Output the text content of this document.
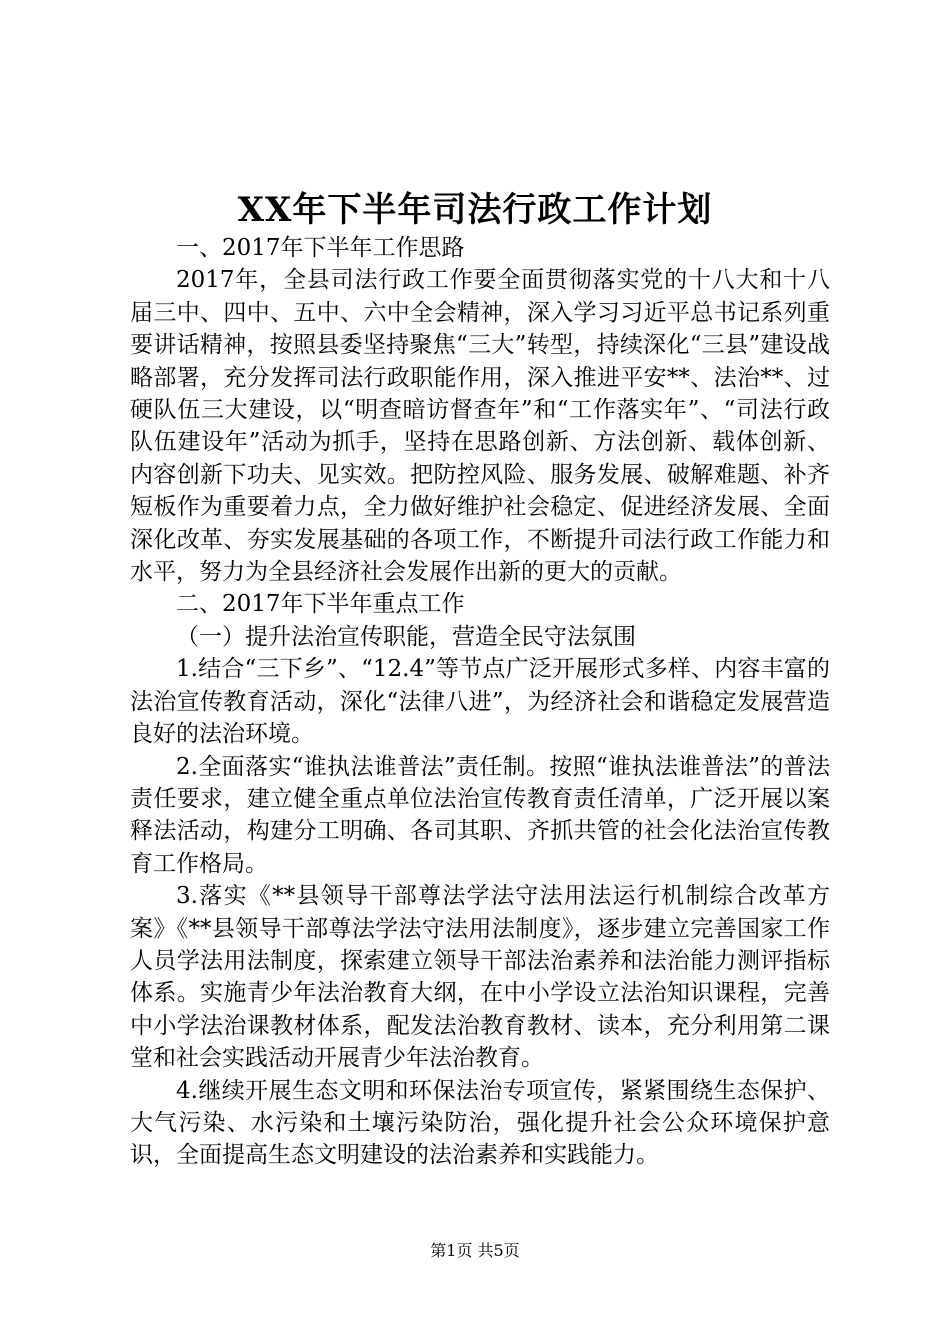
XX年下半年司法行政工作计划

一、2017年下半年工作思路

2017年，全县司法行政工作要全面贯彻落实党的十八大和十八届三中、四中、五中、六中全会精神，深入学习习近平总书记系列重要讲话精神，按照县委坚持聚焦“三大”转型，持续深化“三县”建设战略部署，充分发挥司法行政职能作用，深入推进平安**、法治**、过硬队伍三大建设，以“明查暗访督查年”和“工作落实年”、“司法行政队伍建设年”活动为抓手，坚持在思路创新、方法创新、载体创新、内容创新下功夫、见实效。把防控风险、服务发展、破解难题、补齐短板作为重要着力点，全力做好维护社会稳定、促进经济发展、全面深化改革、夯实发展基础的各项工作，不断提升司法行政工作能力和水平，努力为全县经济社会发展作出新的更大的贡献。

二、2017年下半年重点工作

（一）提升法治宣传职能，营造全民守法氛围

1.结合“三下乡”、“12.4”等节点广泛开展形式多样、内容丰富的法治宣传教育活动，深化“法律八进”，为经济社会和谐稳定发展营造良好的法治环境。

2.全面落实“谁执法谁普法”责任制。按照“谁执法谁普法”的普法责任要求，建立健全重点单位法治宣传教育责任清单，广泛开展以案释法活动，构建分工明确、各司其职、齐抓共管的社会化法治宣传教育工作格局。

3.落实《**县领导干部尊法学法守法用法运行机制综合改革方案》《**县领导干部尊法学法守法用法制度》，逐步建立完善国家工作人员学法用法制度，探索建立领导干部法治素养和法治能力测评指标体系。实施青少年法治教育大纲，在中小学设立法治知识课程，完善中小学法治课教材体系，配发法治教育教材、读本，充分利用第二课堂和社会实践活动开展青少年法治教育。

4.继续开展生态文明和环保法治专项宣传，紧紧围绕生态保护、大气污染、水污染和土壤污染防治，强化提升社会公众环境保护意识，全面提高生态文明建设的法治素养和实践能力。

第1页 共5页
